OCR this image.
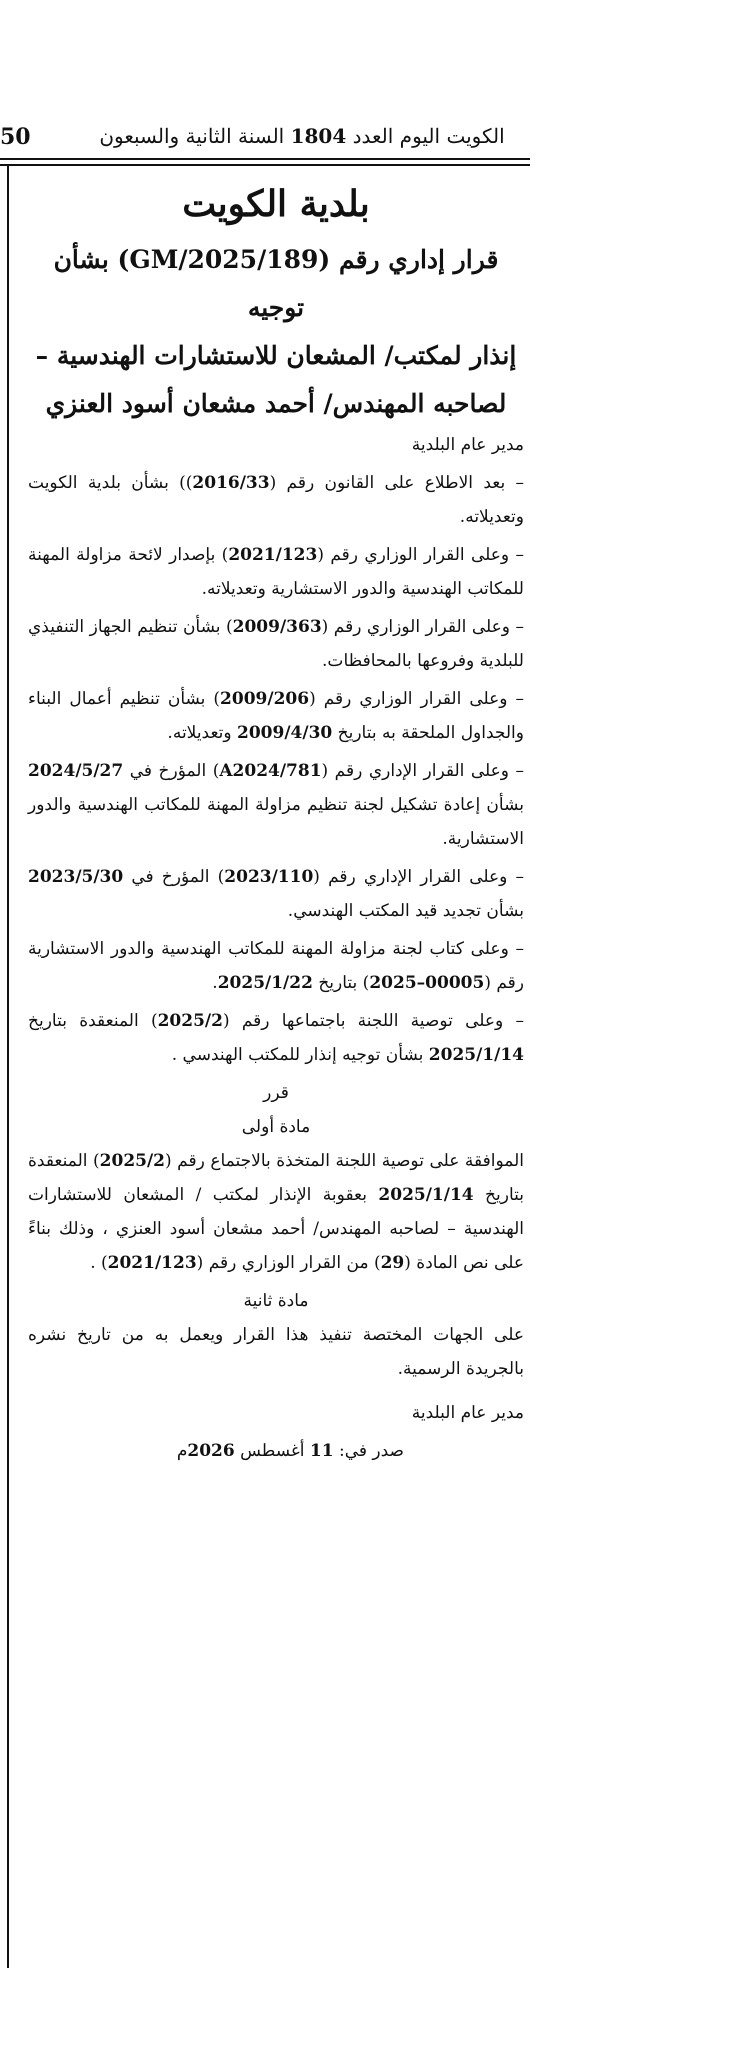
50	الكويت اليوم العدد 1804 السنة الثانية والسبعون
بلدية الكويت
قرار إداري رقم (GM/2025/189) بشأن توجيه
إنذار لمكتب/ المشعان للاستشارات الهندسية –
لصاحبه المهندس/ أحمد مشعان أسود العنزي
مدير عام البلدية
– بعد الاطلاع على القانون رقم (2016/33)) بشأن بلدية الكويت وتعديلاته.
– وعلى القرار الوزاري رقم (2021/123) بإصدار لائحة مزاولة المهنة للمكاتب الهندسية والدور الاستشارية وتعديلاته.
– وعلى القرار الوزاري رقم (2009/363) بشأن تنظيم الجهاز التنفيذي للبلدية وفروعها بالمحافظات.
– وعلى القرار الوزاري رقم (2009/206) بشأن تنظيم أعمال البناء والجداول الملحقة به بتاريخ 2009/4/30 وتعديلاته.
– وعلى القرار الإداري رقم (A2024/781) المؤرخ في 2024/5/27 بشأن إعادة تشكيل لجنة تنظيم مزاولة المهنة للمكاتب الهندسية والدور الاستشارية.
– وعلى القرار الإداري رقم (2023/110) المؤرخ في 2023/5/30 بشأن تجديد قيد المكتب الهندسي.
– وعلى كتاب لجنة مزاولة المهنة للمكاتب الهندسية والدور الاستشارية رقم (00005–2025) بتاريخ 2025/1/22.
– وعلى توصية اللجنة باجتماعها رقم (2025/2) المنعقدة بتاريخ 2025/1/14 بشأن توجيه إنذار للمكتب الهندسي .
قرر
مادة أولى
الموافقة على توصية اللجنة المتخذة بالاجتماع رقم (2025/2) المنعقدة بتاريخ 2025/1/14 بعقوبة الإنذار لمكتب / المشعان للاستشارات الهندسية – لصاحبه المهندس/ أحمد مشعان أسود العنزي ، وذلك بناءً على نص المادة (29) من القرار الوزاري رقم (2021/123) .
مادة ثانية
على الجهات المختصة تنفيذ هذا القرار ويعمل به من تاريخ نشره بالجريدة الرسمية.
مدير عام البلدية
صدر في: 11 أغسطس 2026م
